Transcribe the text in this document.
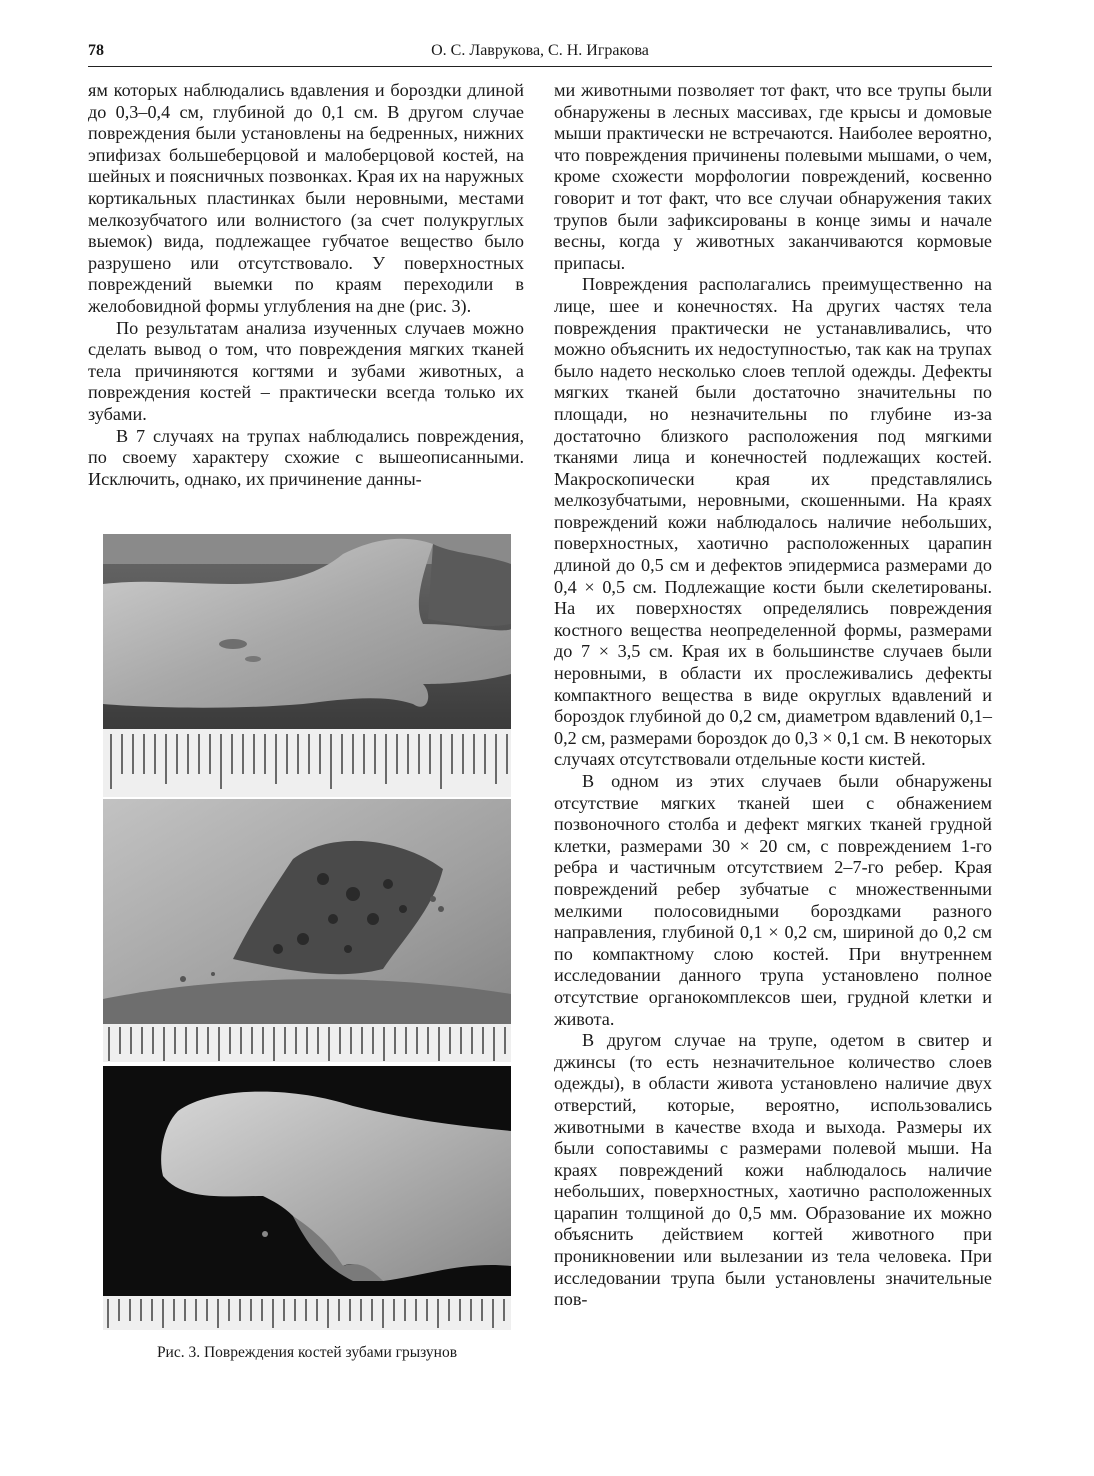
78	О. С. Лаврукова, С. Н. Игракова

ям которых наблюдались вдавления и бороздки длиной до 0,3–0,4 см, глубиной до 0,1 см. В другом случае повреждения были установлены на бедренных, нижних эпифизах большеберцовой и малоберцовой костей, на шейных и поясничных позвонках. Края их на наружных кортикальных пластинках были неровными, местами мелкозубчатого или волнистого (за счет полукруглых выемок) вида, подлежащее губчатое вещество было разрушено или отсутствовало. У поверхностных повреждений выемки по краям переходили в желобовидной формы углубления на дне (рис. 3).

По результатам анализа изученных случаев можно сделать вывод о том, что повреждения мягких тканей тела причиняются когтями и зубами животных, а повреждения костей – практически всегда только их зубами.

В 7 случаях на трупах наблюдались повреждения, по своему характеру схожие с вышеописанными. Исключить, однако, их причинение данны-

ми животными позволяет тот факт, что все трупы были обнаружены в лесных массивах, где крысы и домовые мыши практически не встречаются. Наиболее вероятно, что повреждения причинены полевыми мышами, о чем, кроме схожести морфологии повреждений, косвенно говорит и тот факт, что все случаи обнаружения таких трупов были зафиксированы в конце зимы и начале весны, когда у животных заканчиваются кормовые припасы.

Повреждения располагались преимущественно на лице, шее и конечностях. На других частях тела повреждения практически не устанавливались, что можно объяснить их недоступностью, так как на трупах было надето несколько слоев теплой одежды. Дефекты мягких тканей были достаточно значительны по площади, но незначительны по глубине из-за достаточно близкого расположения под мягкими тканями лица и конечностей подлежащих костей. Макроскопически края их представлялись мелкозубчатыми, неровными, скошенными. На краях повреждений кожи наблюдалось наличие небольших, поверхностных, хаотично расположенных царапин длиной до 0,5 см и дефектов эпидермиса размерами до 0,4 × 0,5 см. Подлежащие кости были скелетированы. На их поверхностях определялись повреждения костного вещества неопределенной формы, размерами до 7 × 3,5 см. Края их в большинстве случаев были неровными, в области их прослеживались дефекты компактного вещества в виде округлых вдавлений и бороздок глубиной до 0,2 см, диаметром вдавлений 0,1–0,2 см, размерами бороздок до 0,3 × 0,1 см. В некоторых случаях отсутствовали отдельные кости кистей.

В одном из этих случаев были обнаружены отсутствие мягких тканей шеи с обнажением позвоночного столба и дефект мягких тканей грудной клетки, размерами 30 × 20 см, с повреждением 1-го ребра и частичным отсутствием 2–7-го ребер. Края повреждений ребер зубчатые с множественными мелкими полосовидными бороздками разного направления, глубиной 0,1 × 0,2 см, шириной до 0,2 см по компактному слою костей. При внутреннем исследовании данного трупа установлено полное отсутствие органокомплексов шеи, грудной клетки и живота.

В другом случае на трупе, одетом в свитер и джинсы (то есть незначительное количество слоев одежды), в области живота установлено наличие двух отверстий, которые, вероятно, использовались животными в качестве входа и выхода. Размеры их были сопоставимы с размерами полевой мыши. На краях повреждений кожи наблюдалось наличие небольших, поверхностных, хаотично расположенных царапин толщиной до 0,5 мм. Образование их можно объяснить действием когтей животного при проникновении или вылезании из тела человека. При исследовании трупа были установлены значительные пов-

Рис. 3. Повреждения костей зубами грызунов
